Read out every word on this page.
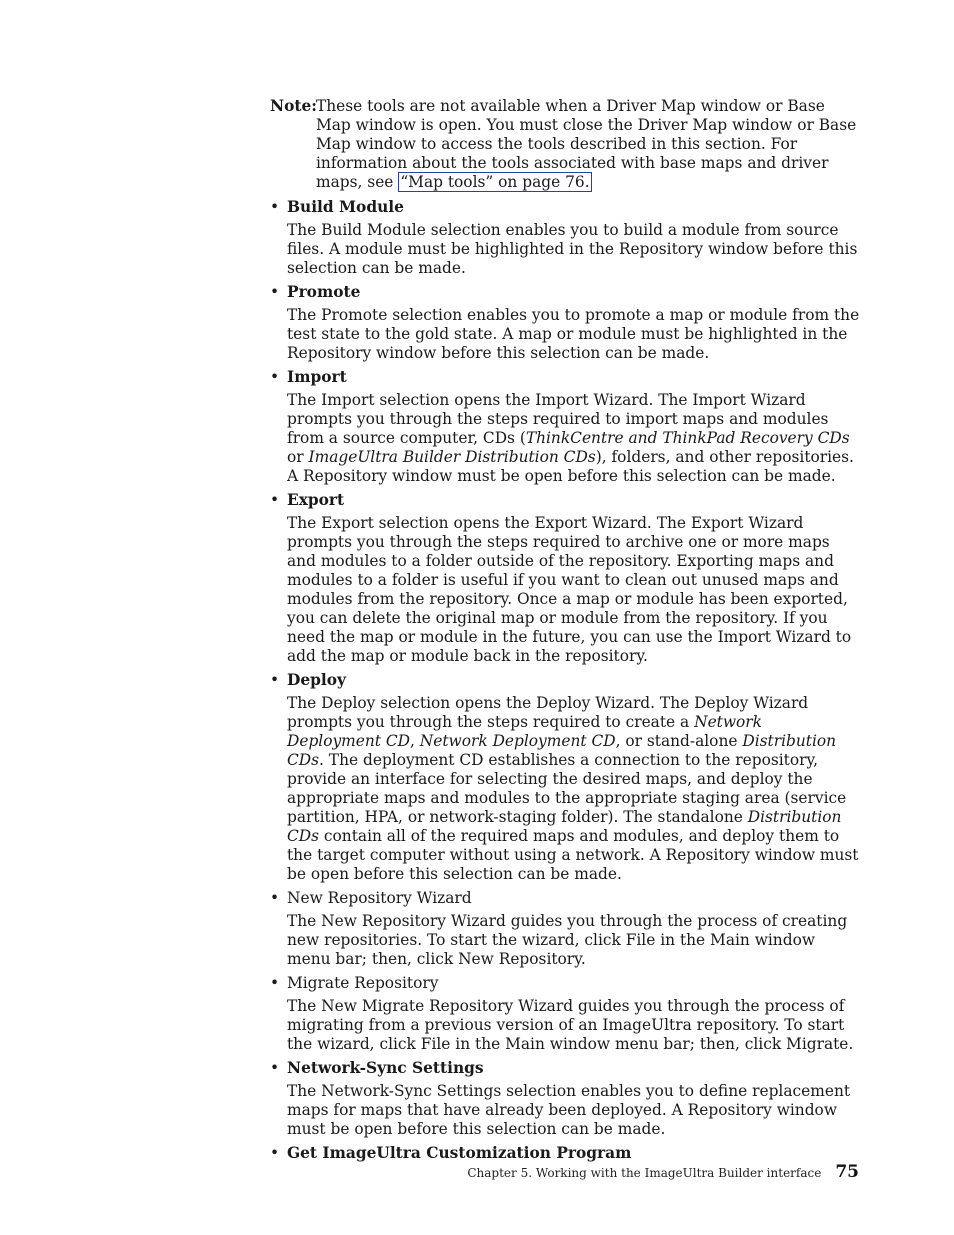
Note: These tools are not available when a Driver Map window or Base Map window is open. You must close the Driver Map window or Base Map window to access the tools described in this section. For information about the tools associated with base maps and driver maps, see “Map tools” on page 76.
• Build Module
The Build Module selection enables you to build a module from source files. A module must be highlighted in the Repository window before this selection can be made.
• Promote
The Promote selection enables you to promote a map or module from the test state to the gold state. A map or module must be highlighted in the Repository window before this selection can be made.
• Import
The Import selection opens the Import Wizard. The Import Wizard prompts you through the steps required to import maps and modules from a source computer, CDs (ThinkCentre and ThinkPad Recovery CDs or ImageUltra Builder Distribution CDs), folders, and other repositories. A Repository window must be open before this selection can be made.
• Export
The Export selection opens the Export Wizard. The Export Wizard prompts you through the steps required to archive one or more maps and modules to a folder outside of the repository. Exporting maps and modules to a folder is useful if you want to clean out unused maps and modules from the repository. Once a map or module has been exported, you can delete the original map or module from the repository. If you need the map or module in the future, you can use the Import Wizard to add the map or module back in the repository.
• Deploy
The Deploy selection opens the Deploy Wizard. The Deploy Wizard prompts you through the steps required to create a Network Deployment CD, Network Deployment CD, or stand-alone Distribution CDs. The deployment CD establishes a connection to the repository, provide an interface for selecting the desired maps, and deploy the appropriate maps and modules to the appropriate staging area (service partition, HPA, or network-staging folder). The standalone Distribution CDs contain all of the required maps and modules, and deploy them to the target computer without using a network. A Repository window must be open before this selection can be made.
• New Repository Wizard
The New Repository Wizard guides you through the process of creating new repositories. To start the wizard, click File in the Main window menu bar; then, click New Repository.
• Migrate Repository
The New Migrate Repository Wizard guides you through the process of migrating from a previous version of an ImageUltra repository. To start the wizard, click File in the Main window menu bar; then, click Migrate.
• Network-Sync Settings
The Network-Sync Settings selection enables you to define replacement maps for maps that have already been deployed. A Repository window must be open before this selection can be made.
• Get ImageUltra Customization Program
Chapter 5. Working with the ImageUltra Builder interface 75
